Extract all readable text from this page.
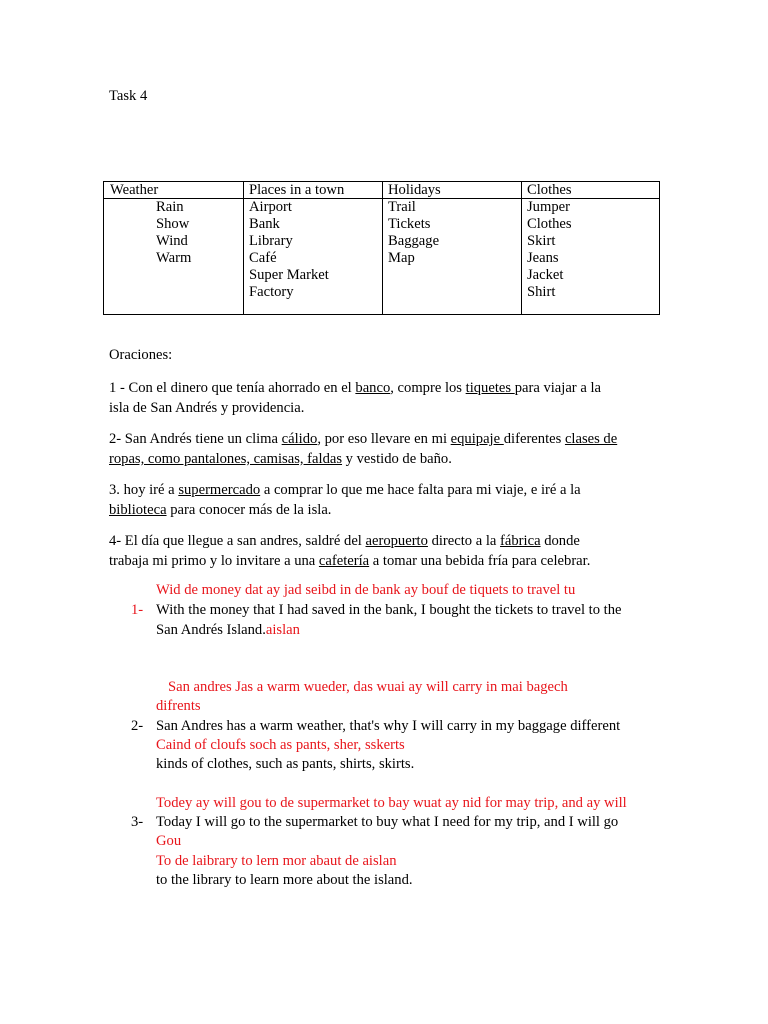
Task 4
Weather
Rain
Show
Wind
Warm
Places in a town
Airport
Bank
Library
Café
Super Market
Factory
Holidays
Trail
Tickets
Baggage
Map
Clothes
Jumper
Clothes
Skirt
Jeans
Jacket
Shirt
Oraciones:
1 - Con el dinero que tenía ahorrado en el banco, compre los tiquetes para viajar a la
isla de San Andrés y providencia.
2- San Andrés tiene un clima cálido, por eso llevare en mi equipaje diferentes clases de
ropas, como pantalones, camisas, faldas y vestido de baño.
3. hoy iré a supermercado a comprar lo que me hace falta para mi viaje, e iré a la
biblioteca para conocer más de la isla.
4- El día que llegue a san andres, saldré del aeropuerto directo a la fábrica donde
trabaja mi primo y lo invitare a una cafetería a tomar una bebida fría para celebrar.
Wid de money dat ay jad seibd in de bank ay bouf de tiquets to travel tu
1- With the money that I had saved in the bank, I bought the tickets to travel to the
San Andrés Island.aislan
San andres Jas a warm wueder, das wuai ay will carry in mai bagech
difrents
2- San Andres has a warm weather, that's why I will carry in my baggage different
Caind of cloufs soch as pants, sher, sskerts
kinds of clothes, such as pants, shirts, skirts.
Todey ay will gou to de supermarket to bay wuat ay nid for may trip, and ay will
3- Today I will go to the supermarket to buy what I need for my trip, and I will go
Gou
To de laibrary to lern mor abaut de aislan
to the library to learn more about the island.
